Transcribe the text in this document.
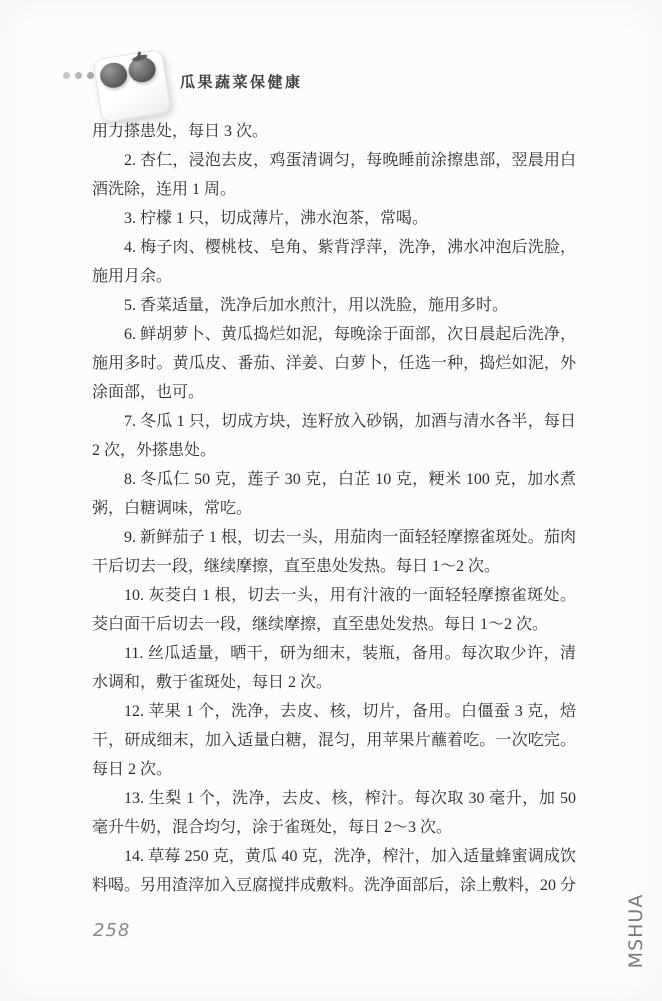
瓜果蔬菜保健康

用力搽患处，每日 3 次。

2. 杏仁，浸泡去皮，鸡蛋清调匀，每晚睡前涂擦患部，翌晨用白酒洗除，连用 1 周。

3. 柠檬 1 只，切成薄片，沸水泡茶，常喝。

4. 梅子肉、樱桃枝、皂角、紫背浮萍，洗净，沸水冲泡后洗脸，施用月余。

5. 香菜适量，洗净后加水煎汁，用以洗脸，施用多时。

6. 鲜胡萝卜、黄瓜捣烂如泥，每晚涂于面部，次日晨起后洗净，施用多时。黄瓜皮、番茄、洋姜、白萝卜，任选一种，捣烂如泥，外涂面部，也可。

7. 冬瓜 1 只，切成方块，连籽放入砂锅，加酒与清水各半，每日 2 次，外搽患处。

8. 冬瓜仁 50 克，莲子 30 克，白芷 10 克，粳米 100 克，加水煮粥，白糖调味，常吃。

9. 新鲜茄子 1 根，切去一头，用茄肉一面轻轻摩擦雀斑处。茄肉干后切去一段，继续摩擦，直至患处发热。每日 1～2 次。

10. 灰茭白 1 根，切去一头，用有汁液的一面轻轻摩擦雀斑处。茭白面干后切去一段，继续摩擦，直至患处发热。每日 1～2 次。

11. 丝瓜适量，晒干，研为细末，装瓶，备用。每次取少许，清水调和，敷于雀斑处，每日 2 次。

12. 苹果 1 个，洗净，去皮、核，切片，备用。白僵蚕 3 克，焙干，研成细末，加入适量白糖，混匀，用苹果片蘸着吃。一次吃完。每日 2 次。

13. 生梨 1 个，洗净，去皮、核，榨汁。每次取 30 毫升，加 50 毫升牛奶，混合均匀，涂于雀斑处，每日 2～3 次。

14. 草莓 250 克，黄瓜 40 克，洗净，榨汁，加入适量蜂蜜调成饮料喝。另用渣滓加入豆腐搅拌成敷料。洗净面部后，涂上敷料，20 分

258	MSHUA
